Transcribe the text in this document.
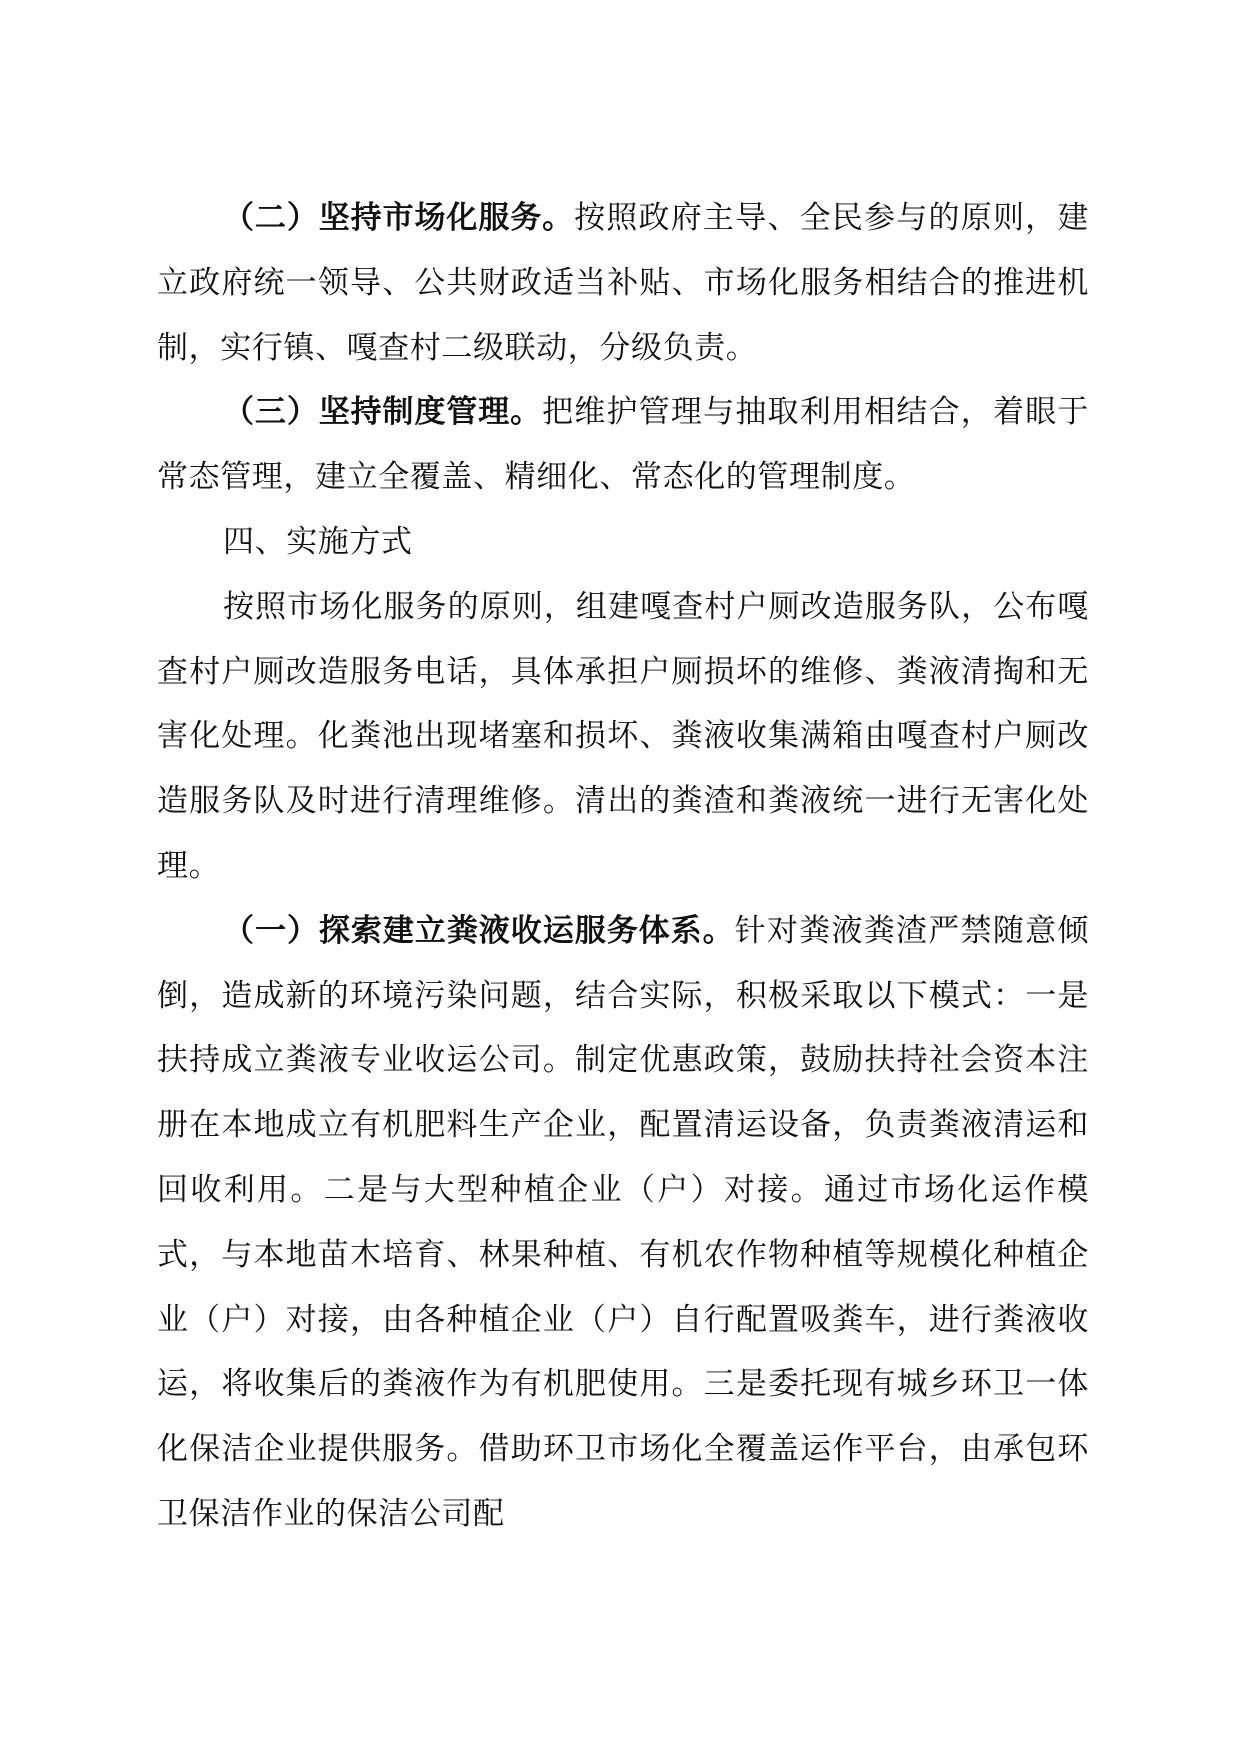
（二）坚持市场化服务。按照政府主导、全民参与的原则，建立政府统一领导、公共财政适当补贴、市场化服务相结合的推进机制，实行镇、嘎查村二级联动，分级负责。

（三）坚持制度管理。把维护管理与抽取利用相结合，着眼于常态管理，建立全覆盖、精细化、常态化的管理制度。

四、实施方式

按照市场化服务的原则，组建嘎查村户厕改造服务队，公布嘎查村户厕改造服务电话，具体承担户厕损坏的维修、粪液清掏和无害化处理。化粪池出现堵塞和损坏、粪液收集满箱由嘎查村户厕改造服务队及时进行清理维修。清出的粪渣和粪液统一进行无害化处理。

（一）探索建立粪液收运服务体系。针对粪液粪渣严禁随意倾倒，造成新的环境污染问题，结合实际，积极采取以下模式：一是扶持成立粪液专业收运公司。制定优惠政策，鼓励扶持社会资本注册在本地成立有机肥料生产企业，配置清运设备，负责粪液清运和回收利用。二是与大型种植企业（户）对接。通过市场化运作模式，与本地苗木培育、林果种植、有机农作物种植等规模化种植企业（户）对接，由各种植企业（户）自行配置吸粪车，进行粪液收运，将收集后的粪液作为有机肥使用。三是委托现有城乡环卫一体化保洁企业提供服务。借助环卫市场化全覆盖运作平台，由承包环卫保洁作业的保洁公司配
